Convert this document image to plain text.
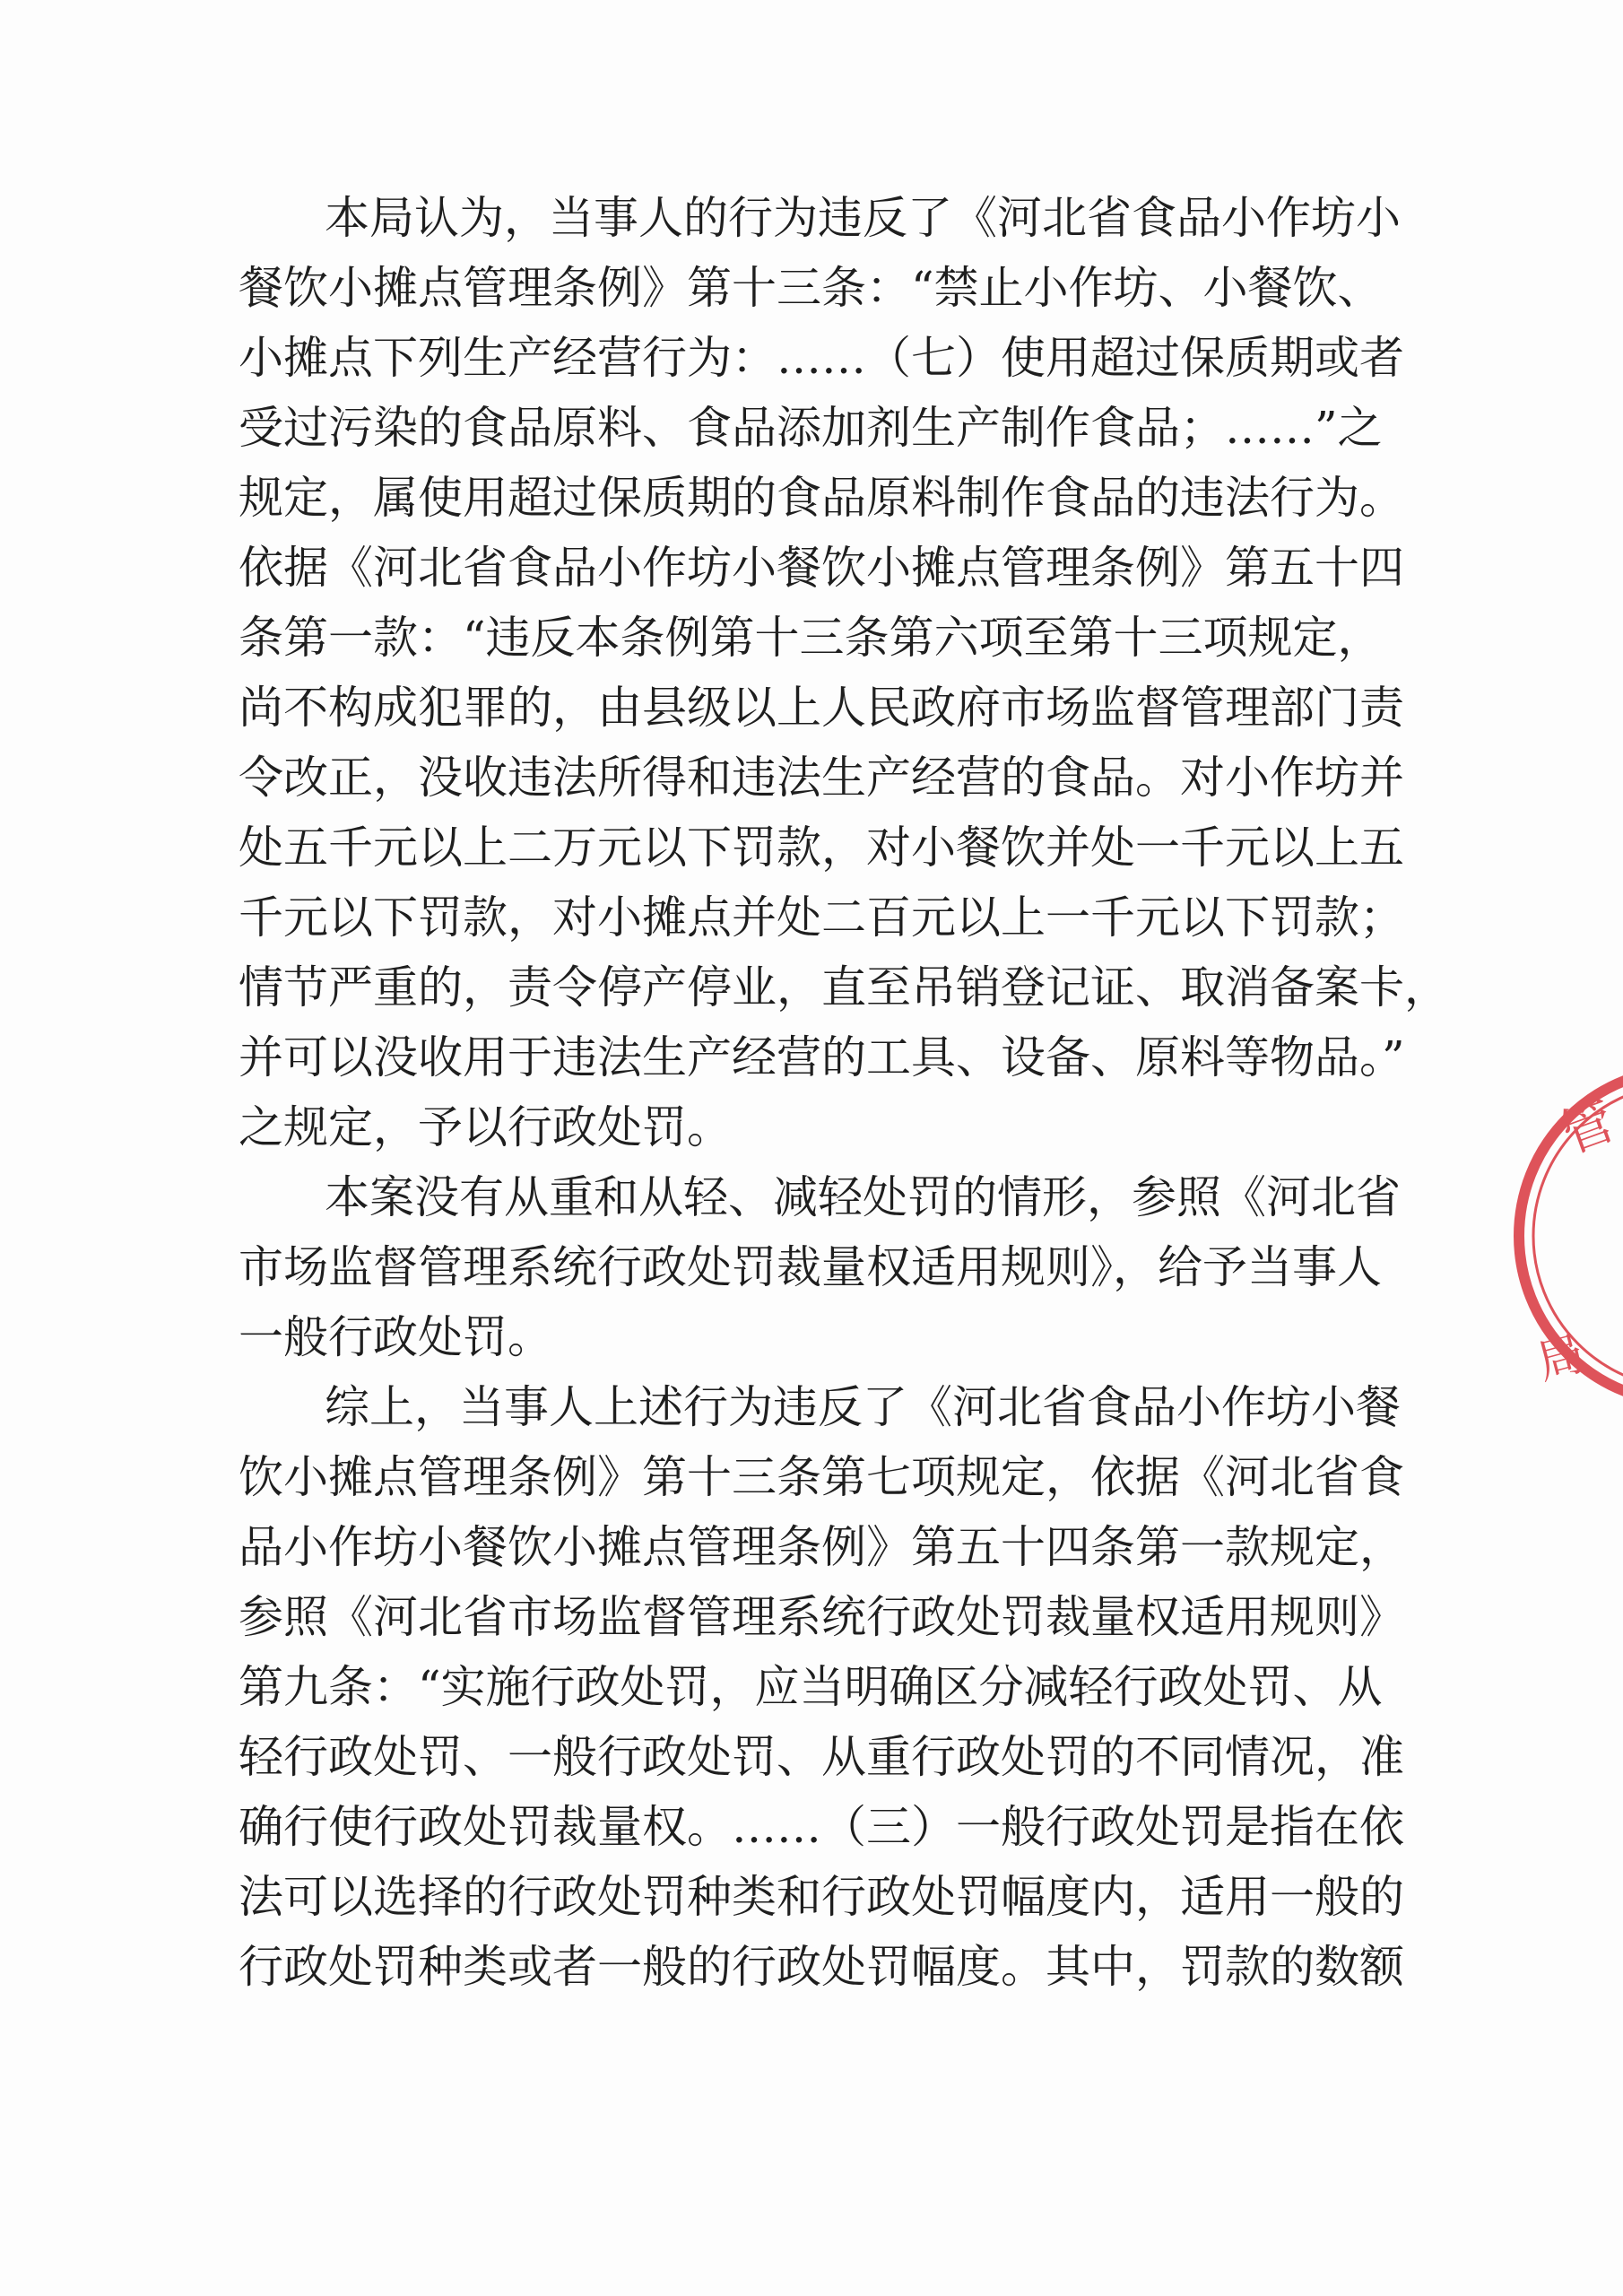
本局认为，当事人的行为违反了《河北省食品小作坊小
餐饮小摊点管理条例》第十三条：“禁止小作坊、小餐饮、
小摊点下列生产经营行为：……（七）使用超过保质期或者
受过污染的食品原料、食品添加剂生产制作食品；……”之
规定，属使用超过保质期的食品原料制作食品的违法行为。
依据《河北省食品小作坊小餐饮小摊点管理条例》第五十四
条第一款：“违反本条例第十三条第六项至第十三项规定，
尚不构成犯罪的，由县级以上人民政府市场监督管理部门责
令改正，没收违法所得和违法生产经营的食品。对小作坊并
处五千元以上二万元以下罚款，对小餐饮并处一千元以上五
千元以下罚款，对小摊点并处二百元以上一千元以下罚款；
情节严重的，责令停产停业，直至吊销登记证、取消备案卡，
并可以没收用于违法生产经营的工具、设备、原料等物品。”
之规定，予以行政处罚。
本案没有从重和从轻、减轻处罚的情形，参照《河北省
市场监督管理系统行政处罚裁量权适用规则》，给予当事人
一般行政处罚。
综上，当事人上述行为违反了《河北省食品小作坊小餐
饮小摊点管理条例》第十三条第七项规定，依据《河北省食
品小作坊小餐饮小摊点管理条例》第五十四条第一款规定，
参照《河北省市场监督管理系统行政处罚裁量权适用规则》
第九条：“实施行政处罚，应当明确区分减轻行政处罚、从
轻行政处罚、一般行政处罚、从重行政处罚的不同情况，准
确行使行政处罚裁量权。……（三）一般行政处罚是指在依
法可以选择的行政处罚种类和行政处罚幅度内，适用一般的
行政处罚种类或者一般的行政处罚幅度。其中，罚款的数额
管
局
